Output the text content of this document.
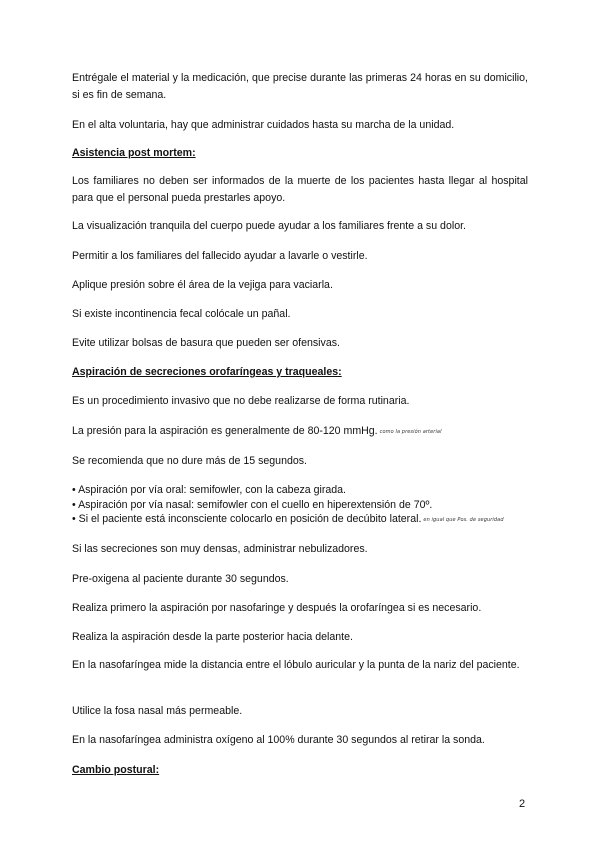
Entrégale el material y la medicación, que precise durante las primeras 24 horas en su domicilio, si es fin de semana.

En el alta voluntaria, hay que administrar cuidados hasta su marcha de la unidad.

Asistencia post mortem:

Los familiares no deben ser informados de la muerte de los pacientes hasta llegar al hospital para que el personal pueda prestarles apoyo.

La visualización tranquila del cuerpo puede ayudar a los familiares frente a su dolor.

Permitir a los familiares del fallecido ayudar a lavarle o vestirle.

Aplique presión sobre él área de la vejiga para vaciarla.

Si existe incontinencia fecal colócale un pañal.

Evite utilizar bolsas de basura que pueden ser ofensivas.

Aspiración de secreciones orofaríngeas y traqueales:

Es un procedimiento invasivo que no debe realizarse de forma rutinaria.

La presión para la aspiración es generalmente de 80-120 mmHg. como la presión arterial

Se recomienda que no dure más de 15 segundos.

• Aspiración por vía oral: semifowler, con la cabeza girada.
• Aspiración por vía nasal: semifowler con el cuello en hiperextensión de 70º.
• Si el paciente está inconsciente colocarlo en posición de decúbito lateral. en igual que Pos. de seguridad

Si las secreciones son muy densas, administrar nebulizadores.

Pre-oxigena al paciente durante 30 segundos.

Realiza primero la aspiración por nasofaringe y después la orofaríngea si es necesario.

Realiza la aspiración desde la parte posterior hacia delante.

En la nasofaríngea mide la distancia entre el lóbulo auricular y la punta de la nariz del paciente.

Utilice la fosa nasal más permeable.

En la nasofaríngea administra oxígeno al 100% durante 30 segundos al retirar la sonda.

Cambio postural:

2
